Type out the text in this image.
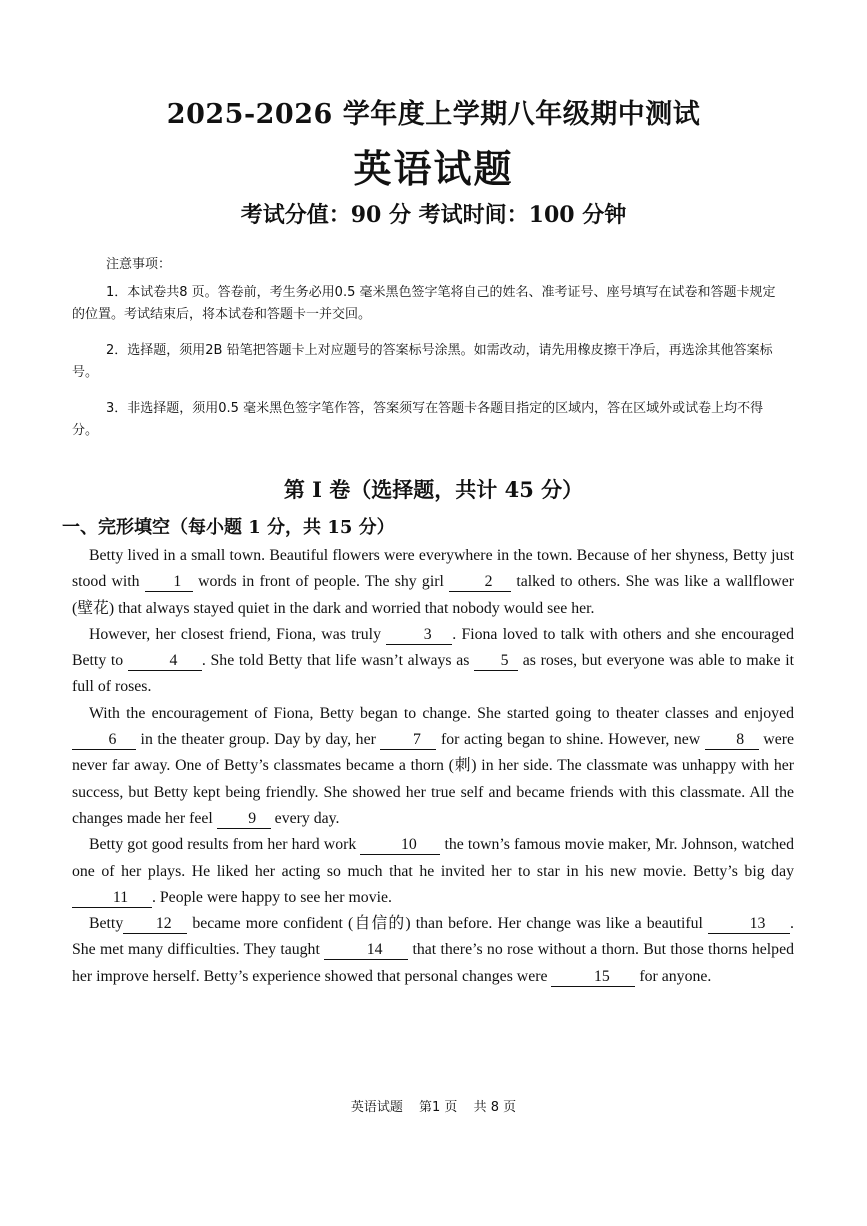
2025-2026 学年度上学期八年级期中测试
英语试题
考试分值：90 分 考试时间：100 分钟
注意事项：
1．本试卷共8 页。答卷前，考生务必用0.5 毫米黑色签字笔将自己的姓名、准考证号、座号填写在试卷和答题卡规定的位置。考试结束后，将本试卷和答题卡一并交回。
2．选择题，须用2B 铅笔把答题卡上对应题号的答案标号涂黑。如需改动，请先用橡皮擦干净后，再选涂其他答案标号。
3．非选择题，须用0.5 毫米黑色签字笔作答，答案须写在答题卡各题目指定的区域内，答在区域外或试卷上均不得分。
第 I 卷（选择题，共计 45 分）
一、完形填空（每小题 1 分，共 15 分）

Betty lived in a small town. Beautiful flowers were everywhere in the town. Because of her shyness, Betty just stood with 1 words in front of people. The shy girl 2 talked to others. She was like a wallflower (壁花) that always stayed quiet in the dark and worried that nobody would see her.

However, her closest friend, Fiona, was truly 3 . Fiona loved to talk with others and she encouraged Betty to	4 . She told Betty that life wasn’t always as 5 as roses, but everyone was able to make it full of roses.

With the encouragement of Fiona, Betty began to change. She started going to theater classes and enjoyed 6 in the theater group. Day by day, her 7 for acting began to shine. However, new 8 were never far away. One of Betty’s classmates became a thorn (刺) in her side. The classmate was unhappy with her success, but Betty kept being friendly. She showed her true self and became friends with this classmate. All the changes made her feel 9 every day.

Betty got good results from her hard work	10 the town’s famous movie maker, Mr. Johnson, watched one of her plays. He liked her acting so much that he invited her to star in his new movie. Betty’s big day 11 . People were happy to see her movie.

Betty 12 became more confident (自信的) than before. Her change was like a beautiful	13 . She met many difficulties. They taught	14 that there’s no rose without a thorn. But those thorns helped her improve herself. Betty’s experience showed that personal changes were	15 for anyone.

英语试题 第1 页 共 8 页
